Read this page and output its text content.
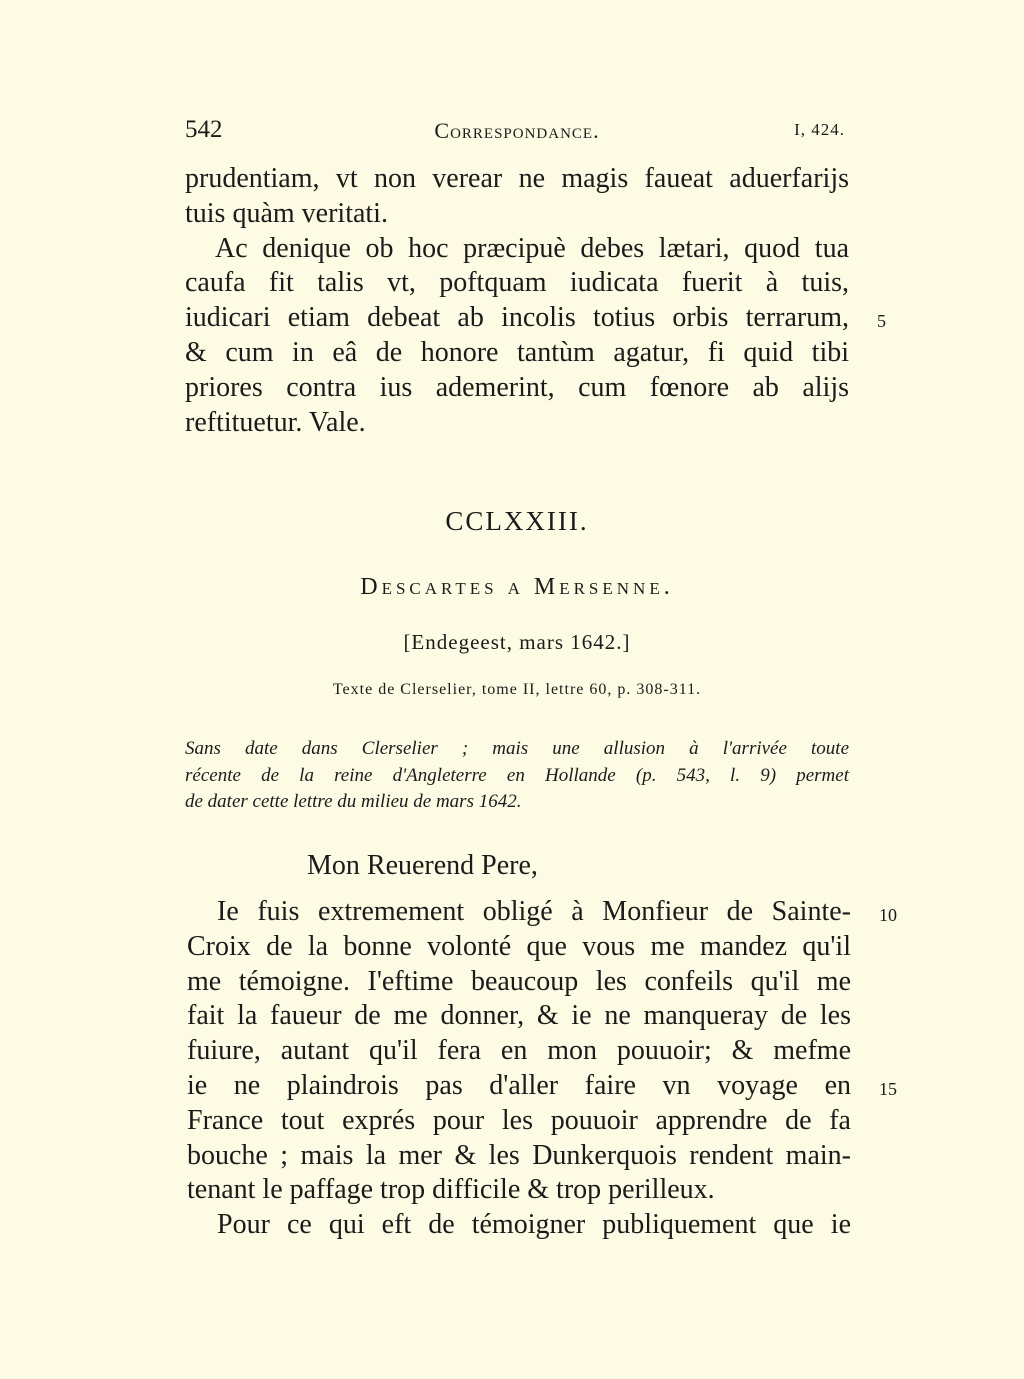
542	Correspondance.	I, 424.
prudentiam, vt non verear ne magis faueat aduerfarijs
tuis quàm veritati.
Ac denique ob hoc præcipuè debes lætari, quod tua
caufa fit talis vt, poftquam iudicata fuerit à tuis,
iudicari etiam debeat ab incolis totius orbis terrarum, 5
& cum in eâ de honore tantùm agatur, fi quid tibi
priores contra ius ademerint, cum fœnore ab alijs
reftituetur. Vale.
CCLXXIII.
Descartes a Mersenne.
[Endegeest, mars 1642.]
Texte de Clerselier, tome II, lettre 60, p. 308-311.
Sans date dans Clerselier ; mais une allusion à l'arrivée toute
récente de la reine d'Angleterre en Hollande (p. 543, l. 9) permet
de dater cette lettre du milieu de mars 1642.
Mon Reuerend Pere,
Ie fuis extremement obligé à Monfieur de Sainte- 10
Croix de la bonne volonté que vous me mandez qu'il
me témoigne. I'eftime beaucoup les confeils qu'il me
fait la faueur de me donner, & ie ne manqueray de les
fuiure, autant qu'il fera en mon pouuoir; & mefme
ie ne plaindrois pas d'aller faire vn voyage en 15
France tout exprés pour les pouuoir apprendre de fa
bouche ; mais la mer & les Dunkerquois rendent main-
tenant le paffage trop difficile & trop perilleux.
Pour ce qui eft de témoigner publiquement que ie
